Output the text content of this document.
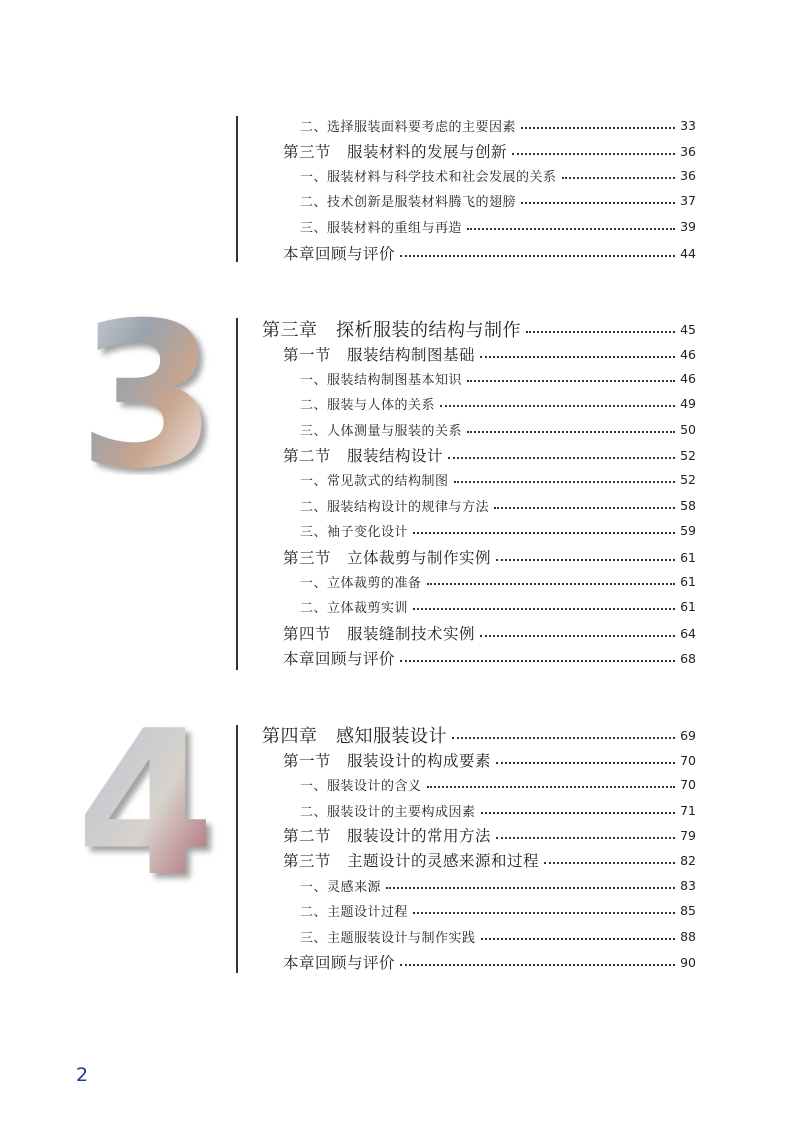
3
4
二、选择服装面料要考虑的主要因素	33
第三节　服装材料的发展与创新	36
一、服装材料与科学技术和社会发展的关系	36
二、技术创新是服装材料腾飞的翅膀	37
三、服装材料的重组与再造	39
本章回顾与评价	44
第三章　探析服装的结构与制作	45
第一节　服装结构制图基础	46
一、服装结构制图基本知识	46
二、服装与人体的关系	49
三、人体测量与服装的关系	50
第二节　服装结构设计	52
一、常见款式的结构制图	52
二、服装结构设计的规律与方法	58
三、袖子变化设计	59
第三节　立体裁剪与制作实例	61
一、立体裁剪的准备	61
二、立体裁剪实训	61
第四节　服装缝制技术实例	64
本章回顾与评价	68
第四章　感知服装设计	69
第一节　服装设计的构成要素	70
一、服装设计的含义	70
二、服装设计的主要构成因素	71
第二节　服装设计的常用方法	79
第三节　主题设计的灵感来源和过程	82
一、灵感来源	83
二、主题设计过程	85
三、主题服装设计与制作实践	88
本章回顾与评价	90
2
